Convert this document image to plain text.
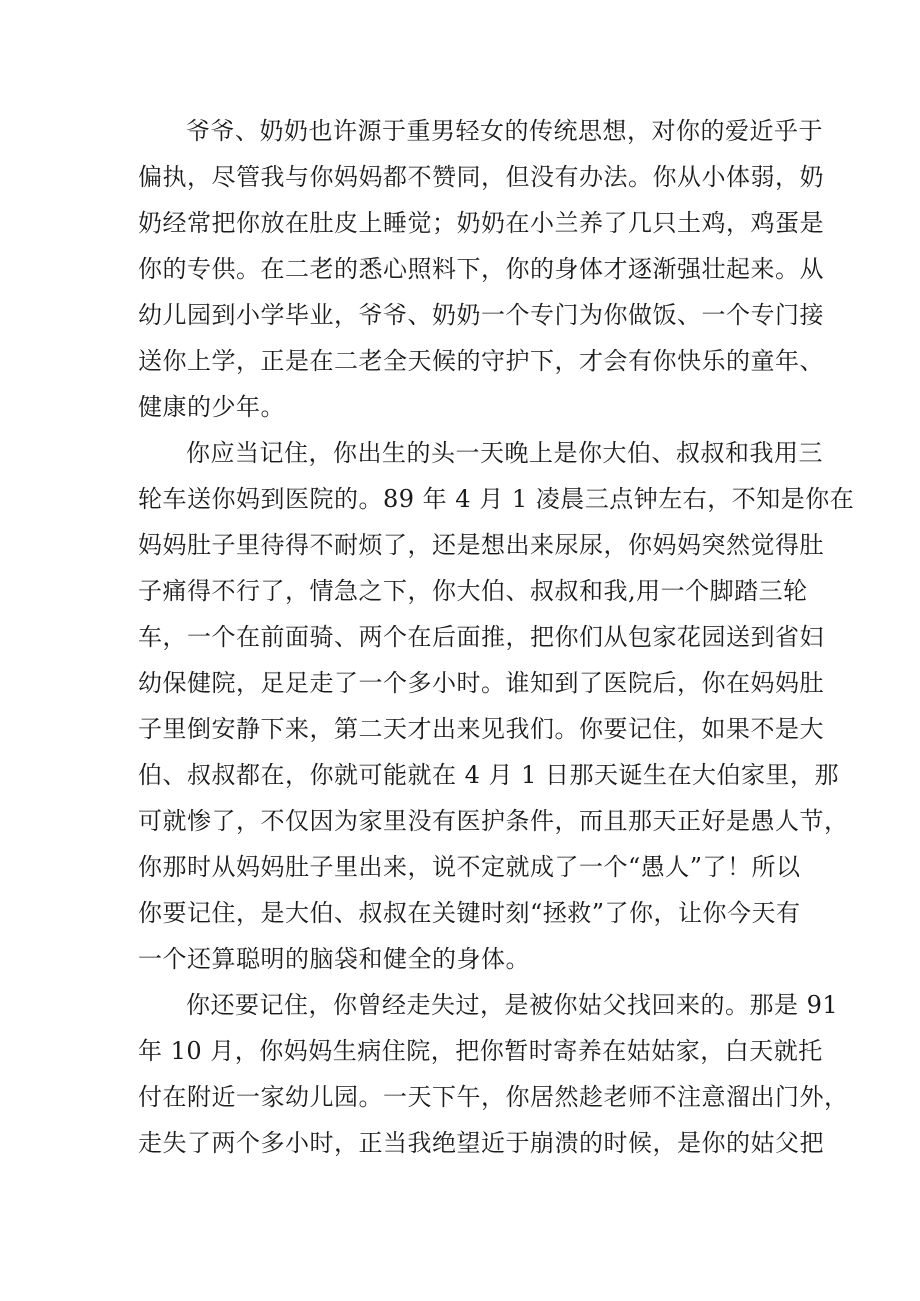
爷爷、奶奶也许源于重男轻女的传统思想，对你的爱近乎于
偏执，尽管我与你妈妈都不赞同，但没有办法。你从小体弱，奶
奶经常把你放在肚皮上睡觉；奶奶在小兰养了几只土鸡，鸡蛋是
你的专供。在二老的悉心照料下，你的身体才逐渐强壮起来。从
幼儿园到小学毕业，爷爷、奶奶一个专门为你做饭、一个专门接
送你上学，正是在二老全天候的守护下，才会有你快乐的童年、
健康的少年。
你应当记住，你出生的头一天晚上是你大伯、叔叔和我用三
轮车送你妈到医院的。89 年 4 月 1 凌晨三点钟左右，不知是你在
妈妈肚子里待得不耐烦了，还是想出来尿尿，你妈妈突然觉得肚
子痛得不行了，情急之下，你大伯、叔叔和我,用一个脚踏三轮
车，一个在前面骑、两个在后面推，把你们从包家花园送到省妇
幼保健院，足足走了一个多小时。谁知到了医院后，你在妈妈肚
子里倒安静下来，第二天才出来见我们。你要记住，如果不是大
伯、叔叔都在，你就可能就在 4 月 1 日那天诞生在大伯家里，那
可就惨了，不仅因为家里没有医护条件，而且那天正好是愚人节，
你那时从妈妈肚子里出来，说不定就成了一个“愚人”了！所以
你要记住，是大伯、叔叔在关键时刻“拯救”了你，让你今天有
一个还算聪明的脑袋和健全的身体。
你还要记住，你曾经走失过，是被你姑父找回来的。那是 91
年 10 月，你妈妈生病住院，把你暂时寄养在姑姑家，白天就托
付在附近一家幼儿园。一天下午，你居然趁老师不注意溜出门外，
走失了两个多小时，正当我绝望近于崩溃的时候，是你的姑父把
